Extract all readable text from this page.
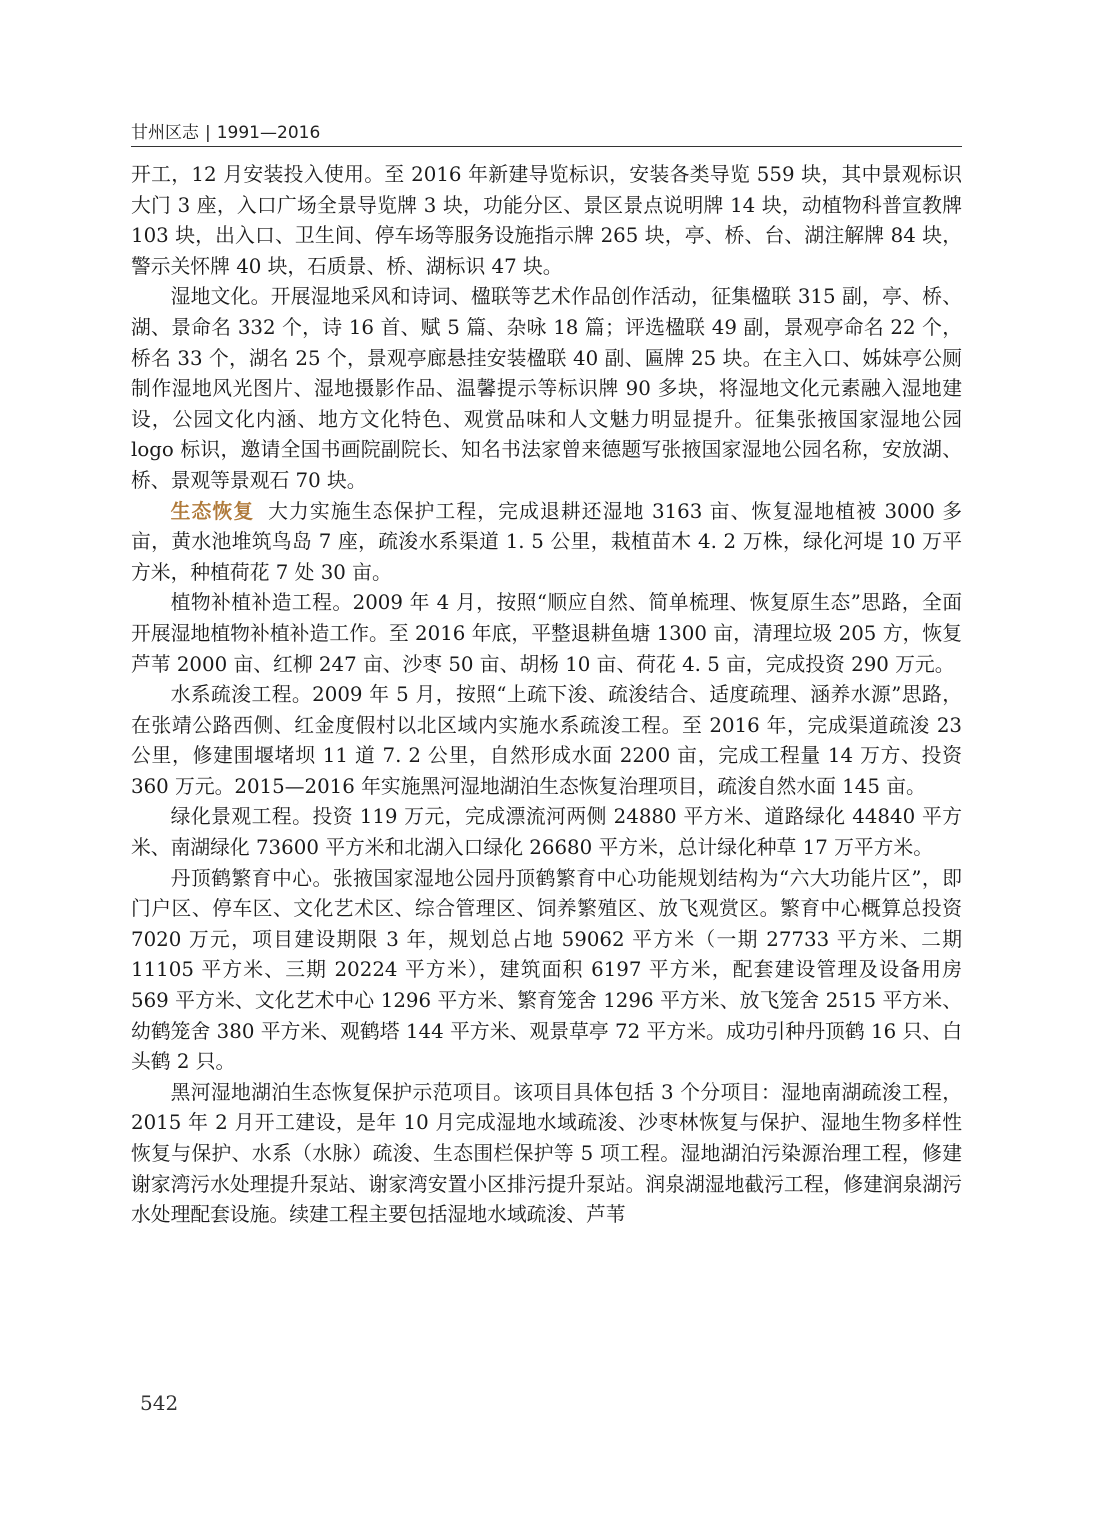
甘州区志 | 1991—2016

开工，12 月安装投入使用。至 2016 年新建导览标识，安装各类导览 559 块，其中景观标识大门 3 座，入口广场全景导览牌 3 块，功能分区、景区景点说明牌 14 块，动植物科普宣教牌 103 块，出入口、卫生间、停车场等服务设施指示牌 265 块，亭、桥、台、湖注解牌 84 块，警示关怀牌 40 块，石质景、桥、湖标识 47 块。

湿地文化。开展湿地采风和诗词、楹联等艺术作品创作活动，征集楹联 315 副，亭、桥、湖、景命名 332 个，诗 16 首、赋 5 篇、杂咏 18 篇；评选楹联 49 副，景观亭命名 22 个，桥名 33 个，湖名 25 个，景观亭廊悬挂安装楹联 40 副、匾牌 25 块。在主入口、姊妹亭公厕制作湿地风光图片、湿地摄影作品、温馨提示等标识牌 90 多块，将湿地文化元素融入湿地建设，公园文化内涵、地方文化特色、观赏品味和人文魅力明显提升。征集张掖国家湿地公园 logo 标识，邀请全国书画院副院长、知名书法家曾来德题写张掖国家湿地公园名称，安放湖、桥、景观等景观石 70 块。

生态恢复 大力实施生态保护工程，完成退耕还湿地 3163 亩、恢复湿地植被 3000 多亩，黄水池堆筑鸟岛 7 座，疏浚水系渠道 1. 5 公里，栽植苗木 4. 2 万株，绿化河堤 10 万平方米，种植荷花 7 处 30 亩。

植物补植补造工程。2009 年 4 月，按照“顺应自然、简单梳理、恢复原生态”思路，全面开展湿地植物补植补造工作。至 2016 年底，平整退耕鱼塘 1300 亩，清理垃圾 205 方，恢复芦苇 2000 亩、红柳 247 亩、沙枣 50 亩、胡杨 10 亩、荷花 4. 5 亩，完成投资 290 万元。

水系疏浚工程。2009 年 5 月，按照“上疏下浚、疏浚结合、适度疏理、涵养水源”思路，在张靖公路西侧、红金度假村以北区域内实施水系疏浚工程。至 2016 年，完成渠道疏浚 23 公里，修建围堰堵坝 11 道 7. 2 公里，自然形成水面 2200 亩，完成工程量 14 万方、投资 360 万元。2015—2016 年实施黑河湿地湖泊生态恢复治理项目，疏浚自然水面 145 亩。

绿化景观工程。投资 119 万元，完成漂流河两侧 24880 平方米、道路绿化 44840 平方米、南湖绿化 73600 平方米和北湖入口绿化 26680 平方米，总计绿化种草 17 万平方米。

丹顶鹤繁育中心。张掖国家湿地公园丹顶鹤繁育中心功能规划结构为“六大功能片区”，即门户区、停车区、文化艺术区、综合管理区、饲养繁殖区、放飞观赏区。繁育中心概算总投资 7020 万元，项目建设期限 3 年，规划总占地 59062 平方米（一期 27733 平方米、二期 11105 平方米、三期 20224 平方米），建筑面积 6197 平方米，配套建设管理及设备用房 569 平方米、文化艺术中心 1296 平方米、繁育笼舍 1296 平方米、放飞笼舍 2515 平方米、幼鹤笼舍 380 平方米、观鹤塔 144 平方米、观景草亭 72 平方米。成功引种丹顶鹤 16 只、白头鹤 2 只。

黑河湿地湖泊生态恢复保护示范项目。该项目具体包括 3 个分项目：湿地南湖疏浚工程，2015 年 2 月开工建设，是年 10 月完成湿地水域疏浚、沙枣林恢复与保护、湿地生物多样性恢复与保护、水系（水脉）疏浚、生态围栏保护等 5 项工程。湿地湖泊污染源治理工程，修建谢家湾污水处理提升泵站、谢家湾安置小区排污提升泵站。润泉湖湿地截污工程，修建润泉湖污水处理配套设施。续建工程主要包括湿地水域疏浚、芦苇

542
